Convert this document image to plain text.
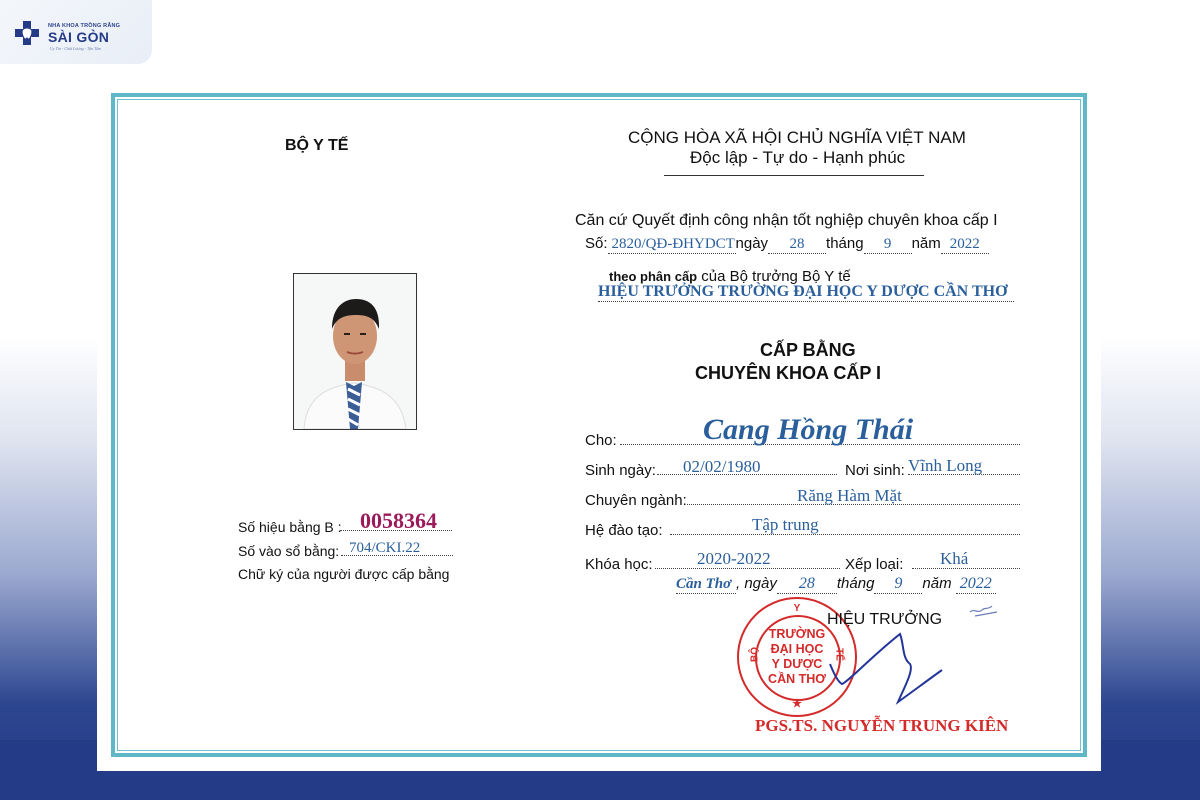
NHA KHOA TRỒNG RĂNG
SÀI GÒN
Uy Tín - Chất Lượng - Tận Tâm
BỘ Y TẾ
Số hiệu bằng B : 0058364
Số vào sổ bằng: 704/CKI.22
Chữ ký của người được cấp bằng
CỘNG HÒA XÃ HỘI CHỦ NGHĨA VIỆT NAM
Độc lập - Tự do - Hạnh phúc
Căn cứ Quyết định công nhận tốt nghiệp chuyên khoa cấp I
Số: 2820/QĐ-ĐHYDCTngày 28 tháng 9 năm 2022
theo phân cấp của Bộ trưởng Bộ Y tế
HIỆU TRƯỞNG TRƯỜNG ĐẠI HỌC Y DƯỢC CẦN THƠ
CẤP BẰNG
CHUYÊN KHOA CẤP I
Cho:	Cang Hồng Thái
Sinh ngày: 02/02/1980	Nơi sinh: Vĩnh Long
Chuyên ngành:	Răng Hàm Mặt
Hệ đào tạo:	Tập trung
Khóa học:	2020-2022	Xếp loại: Khá
Cần Thơ , ngày 28 tháng 9 năm 2022
Y
BỘ	TẾ
TRƯỜNG
ĐẠI HỌC
Y DƯỢC
CẦN THƠ
★
HIỆU TRƯỞNG
PGS.TS. NGUYỄN TRUNG KIÊN
